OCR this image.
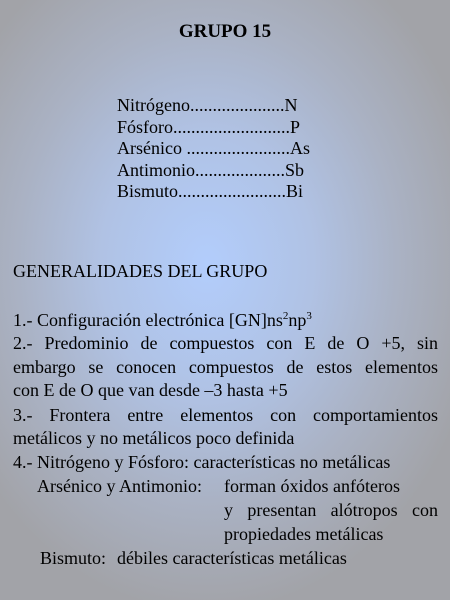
GRUPO 15
Nitrógeno.....................N
Fósforo..........................P
Arsénico .......................As
Antimonio....................Sb
Bismuto........................Bi
GENERALIDADES DEL GRUPO
1.- Configuración electrónica $[GN]ns^2np^3$
2.- Predominio de compuestos con E de O +5, sin
embargo se conocen compuestos de estos elementos
con E de O que van desde –3 hasta +5
3.- Frontera entre elementos con comportamientos
metálicos y no metálicos poco definida
4.- Nitrógeno y Fósforo: características no metálicas
Arsénico y Antimonio: forman óxidos anfóteros
y presentan alótropos con
propiedades metálicas
Bismuto: débiles características metálicas
